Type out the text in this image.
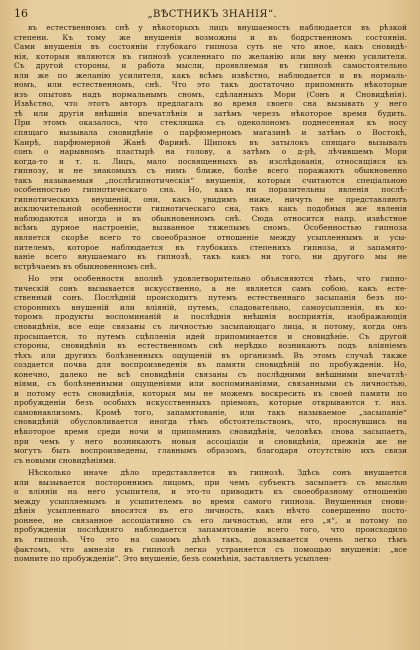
16	„ВѢСТНИКЪ ЗНАНІЯ“.
въ естественномъ снѣ у нѣкоторыхъ лицъ внушаемость наблюдается въ рѣзкой
степени. Къ тому же внушенія возможны и въ бодрственномъ состояніи.
Сами внушенія въ состояніи глубокаго гипноза суть не что иное, какъ сновидѣ-
нія, которыя являются въ гипнозѣ усиленнаго по желанію или вну меню усилителя.
Съ другой стороны, и работа мысли, проявляемая въ гипнозѣ самостоятельно
или же по желанію усилителя, какъ всѣмъ извѣстно, наблюдается и въ нормаль-
номъ, или естественномъ, снѣ. Что это такъ достаточно припомнить нѣкоторые
изъ опытовъ надъ нормальнымъ сномъ, сдѣланныхъ Мори (Сонъ и Сновидѣнія).
Извѣстно, что этотъ авторъ предлагалъ во время своего сна вызывать у него
тѣ или другія внѣшнія впечатлѣнія и затѣмъ черезъ нѣкоторое время будить.
При этомъ оказалось, что стекляшка съ одеколономъ поднесенная къ носу
спящаго вызывала сновидѣніе о парфюмерномъ магазинѣ и затѣмъ о Востокѣ,
Каирѣ, парфюмерной Жанѣ Фарииѣ. Щипокъ въ затылокъ спящаго вызывалъ
сонъ о нарывномъ пластырѣ на голову, а затѣмъ о д-рѣ, лѣчившемъ Мори
когда-то и т. п. Лицъ, мало посвященныхъ въ изслѣдованія, относящіяся къ
гипнозу, и не знакомыхъ съ нимъ ближе, болѣе всего поражаютъ обыкновенно
такъ называемыя „послѣгипнотическія“ внушенія, которыя считаются спеціальною
особенностью гипнотическаго сна. Но, какъ ни поразительны явленія послѣ-
гипнотическихъ внушеній, они, какъ увидимъ ниже, ничуть не представляютъ
исключительной особенности гипнотическаго сна, такъ какъ подобныя же явленія
наблюдаются иногда и въ обыкновенномъ снѣ. Сюда относится напр. извѣстное
всѣмъ дурное настроеніе, вызванное тяжелымъ сномъ. Особенностью гипноза
является скорѣе всего то своеобразное отношеніе между усыпленнымъ и усы-
пителемъ, которое наблюдается въ глубокихъ степеняхъ гипноза, и запамято-
ваніе всего внушаемаго въ гипнозѣ, такъ какъ ни того, ни другого мы не
встрѣчаемъ въ обыкновенномъ снѣ.
Но эти особенности вполнѣ удовлетворительно объясняются тѣмъ, что гипно-
тическій сонъ вызывается искусственно, а не является самъ собою, какъ есте-
ственный сонъ. Послѣдній происходитъ путемъ естественнаго засыпанія безъ по-
стороннихъ внушеній или вліяній, путемъ, сладовательно, самоусыпленія, въ ко-
торомъ продукты воспоминаній и послѣднія внѣшнія восприятія, изображающія
сновидѣнія, все еще связаны съ личностью засыпающаго лица, и потому, когда онъ
просыпается, то путемъ сцѣпленія идей припоминается и сновидѣніе. Съ другой
стороны, сновидѣнія въ естественномъ снѣ нерѣдко возникаютъ подъ вліяніемъ
тѣхъ или другихъ болѣзненныхъ ощущеній въ организмѣ. Въ этомъ случаѣ также
создается почва для воспроизведенія въ памяти сновидѣній по пробужденіи. Но,
конечно, далеко не всѣ сновидѣнія связаны съ послѣдними внѣшними впечатлѣ-
ніями, съ болѣзненными ощущеніями или воспоминаніями, связанными съ личностью,
и потому есть сновидѣнія, которыя мы не можемъ воскресить въ своей памяти по
пробужденіи безъ особыхъ искусственныхъ пріемовъ, которые открываются т. наз.
самовнавлизомъ. Кромѣ того, запамятованіе, или такъ называемое „засыпаніе“
сновидѣній обусловливается иногда тѣмъ обстоятельствомъ, что, проснувшись на
нѣкоторое время среди ночи и припомнивъ сновидѣнія, человѣкъ снова засыпаетъ,
при чемъ у него возникаютъ новыя ассоціаціи и сновидѣнія, прежнія же не
могутъ быть воспроизведены, главнымъ образомъ, благодаря отсутствію ихъ связи
съ новыми сновидѣніями.
Нѣсколько иначе дѣло представляется въ гипнозѣ. Здѣсь сонъ внушается
или вызывается постороннимъ лицомъ, при чемъ субъектъ засыпаетъ съ мыслью
о вліяніи на него усыпителя, и это-то приводитъ къ своеобразному отношенію
между усыпляемымъ и усыпителемъ во время самого гипноза. Внушенныя снови-
дѣнія усыпленнаго вносятся въ его личность, какъ нѣчто совершенно посто-
роннее, не связанное ассоціативно съ его личностью, или его „я“, и потому по
пробужденіи послѣдняго наблюдается запамятованіе всего того, что происходило
въ гипнозѣ. Что это на самомъ дѣлѣ такъ, доказывается очень легко тѣмъ
фактомъ, что амнезія въ гипнозѣ легко устраняется съ помощью внушенія: „все
помните по пробужденіи“. Это внушеніе, безъ сомнѣнія, заставляетъ усыплен-
